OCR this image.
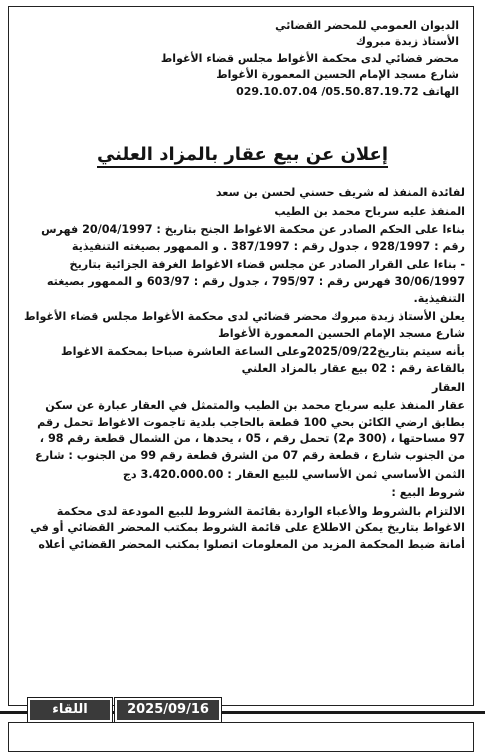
الديوان العمومي للمحضر القضائي
الأستاذ زبدة مبروك
محضر قضائي لدى محكمة الأغواط مجلس قضاء الأغواط
شارع مسجد الإمام الحسين المعمورة الأغواط
الهاتف 05.50.87.19.72/ 029.10.07.04
إعلان عن بيع عقار بالمزاد العلني

لفائدة المنفذ له شريف حسني لحسن بن سعد

المنفذ عليه سرباح محمد بن الطيب

بناءا على الحكم الصادر عن محكمة الاغواط الجنح بتاريخ : 20/04/1997 فهرس رقم : 928/1997 ، جدول رقم : 387/1997 . و الممهور بصيغته التنفيذية

- بناءا على القرار الصادر عن مجلس قضاء الاغواط الغرفة الجزائية بتاريخ 30/06/1997 فهرس رقم : 795/97 ، جدول رقم : 603/97 و الممهور بصيغته التنفيذية.

يعلن الأستاذ زبدة مبروك محضر قضائي لدى محكمة الأغواط مجلس قضاء الأغواط شارع مسجد الإمام الحسين المعمورة الأغواط

بأنه سيتم بتاريخ2025/09/22وعلى الساعة العاشرة صباحا بمحكمة الاغواط بالقاعة رقم : 02 بيع عقار بالمزاد العلني

العقار

عقار المنفذ عليه سرباح محمد بن الطيب والمتمثل في العقار عبارة عن سكن بطابق ارضي الكائن بحي 100 قطعة بالحاجب بلدية تاجموت الاغواط تحمل رقم 97 مساحتها ، (300 م2) تحمل رقم ، 05 ، يحدها ، من الشمال قطعة رقم 98 ، من الجنوب شارع ، قطعة رقم 07 من الشرق قطعة رقم 99 من الجنوب : شارع

الثمن الأساسي ثمن الأساسي للبيع العقار : 3.420.000.00 دج

شروط البيع :

الالتزام بالشروط والأعباء الواردة بقائمة الشروط للبيع المودعة لدى محكمة الاغواط بتاريخ يمكن الاطلاع على قائمة الشروط بمكتب المحضر القضائي أو في أمانة ضبط المحكمة المزيد من المعلومات اتصلوا بمكتب المحضر القضائي أعلاه

2025/09/16
اللقاء
